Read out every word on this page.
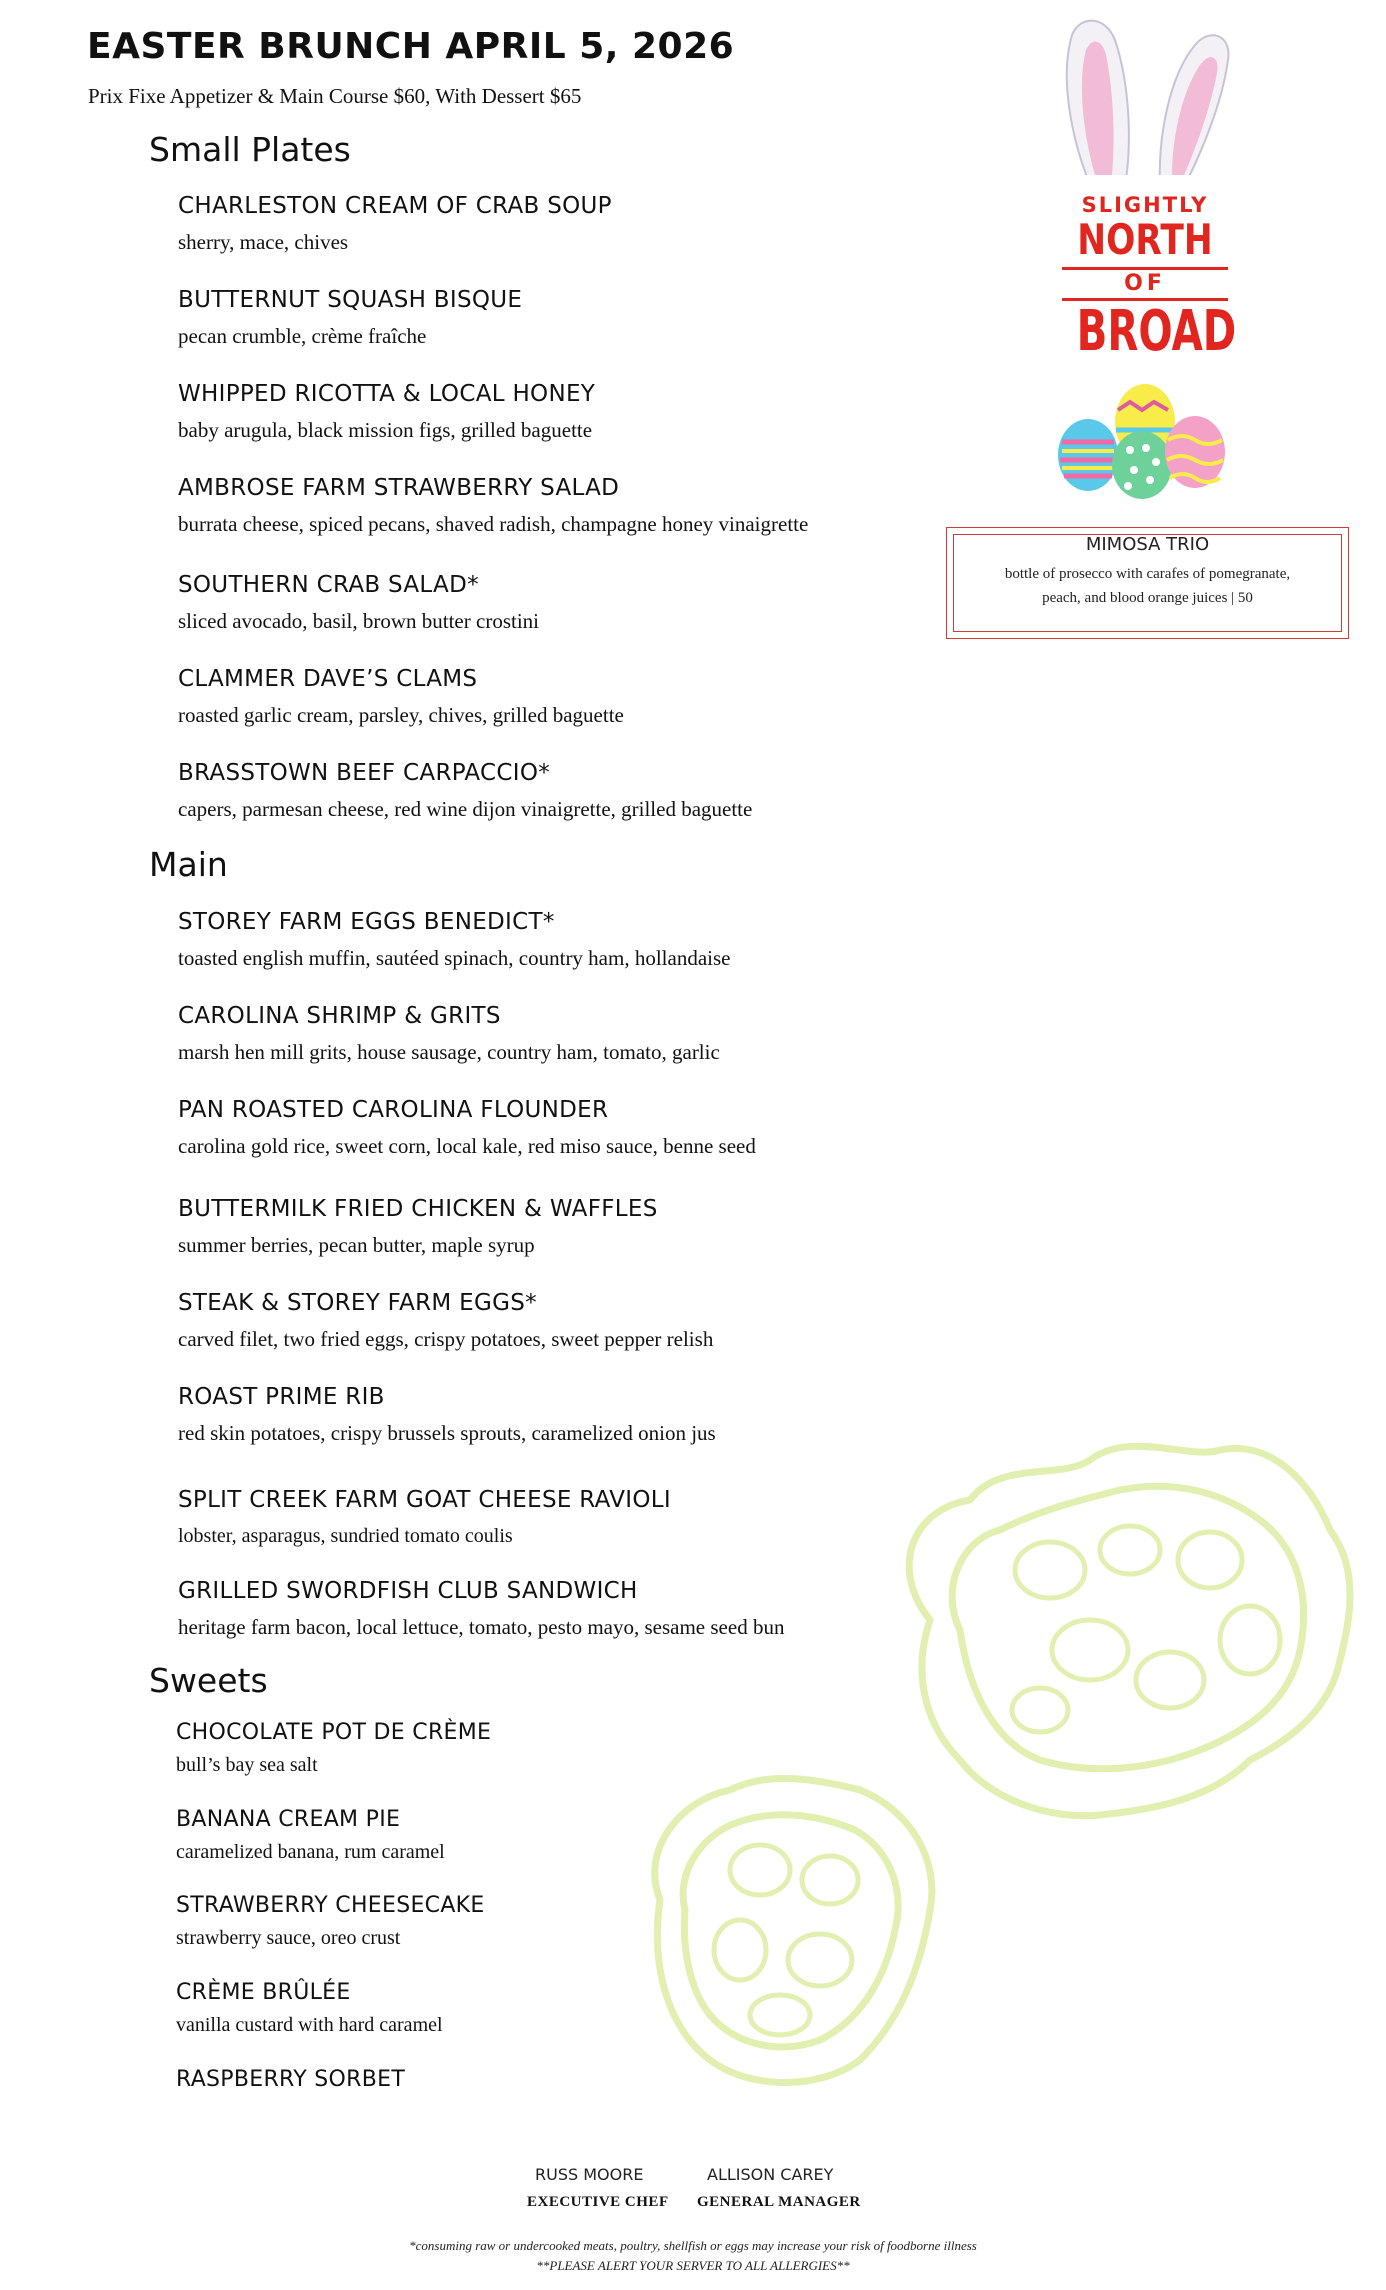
EASTER BRUNCH APRIL 5, 2026
Prix Fixe Appetizer & Main Course $60, With Dessert $65
SLIGHTLY
NORTH
OF
BROAD
MIMOSA TRIO
bottle of prosecco with carafes of pomegranate,
peach, and blood orange juices | 50
Small Plates
CHARLESTON CREAM OF CRAB SOUP
sherry, mace, chives
BUTTERNUT SQUASH BISQUE
pecan crumble, crème fraîche
WHIPPED RICOTTA & LOCAL HONEY
baby arugula, black mission figs, grilled baguette
AMBROSE FARM STRAWBERRY SALAD
burrata cheese, spiced pecans, shaved radish, champagne honey vinaigrette
SOUTHERN CRAB SALAD*
sliced avocado, basil, brown butter crostini
CLAMMER DAVE’S CLAMS
roasted garlic cream, parsley, chives, grilled baguette
BRASSTOWN BEEF CARPACCIO*
capers, parmesan cheese, red wine dijon vinaigrette, grilled baguette
Main
STOREY FARM EGGS BENEDICT*
toasted english muffin, sautéed spinach, country ham, hollandaise
CAROLINA SHRIMP & GRITS
marsh hen mill grits, house sausage, country ham, tomato, garlic
PAN ROASTED CAROLINA FLOUNDER
carolina gold rice, sweet corn, local kale, red miso sauce, benne seed
BUTTERMILK FRIED CHICKEN & WAFFLES
summer berries, pecan butter, maple syrup
STEAK & STOREY FARM EGGS*
carved filet, two fried eggs, crispy potatoes, sweet pepper relish
ROAST PRIME RIB
red skin potatoes, crispy brussels sprouts, caramelized onion jus
SPLIT CREEK FARM GOAT CHEESE RAVIOLI
lobster, asparagus, sundried tomato coulis
GRILLED SWORDFISH CLUB SANDWICH
heritage farm bacon, local lettuce, tomato, pesto mayo, sesame seed bun
Sweets
CHOCOLATE POT DE CRÈME
bull’s bay sea salt
BANANA CREAM PIE
caramelized banana, rum caramel
STRAWBERRY CHEESECAKE
strawberry sauce, oreo crust
CRÈME BRÛLÉE
vanilla custard with hard caramel
RASPBERRY SORBET
RUSS MOORE
EXECUTIVE CHEF
ALLISON CAREY
GENERAL MANAGER
*consuming raw or undercooked meats, poultry, shellfish or eggs may increase your risk of foodborne illness
**PLEASE ALERT YOUR SERVER TO ALL ALLERGIES**
